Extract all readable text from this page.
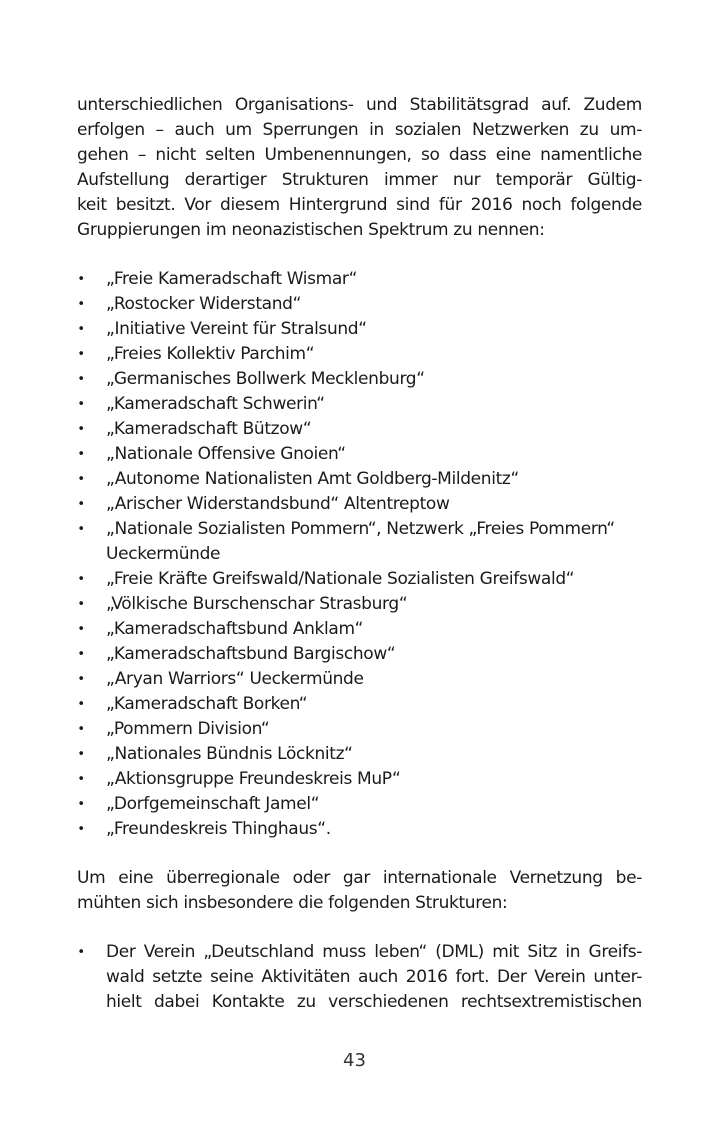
unterschiedlichen Organisations- und Stabilitätsgrad auf. Zudem
erfolgen – auch um Sperrungen in sozialen Netzwerken zu um-
gehen – nicht selten Umbenennungen, so dass eine namentliche
Aufstellung derartiger Strukturen immer nur temporär Gültig-
keit besitzt. Vor diesem Hintergrund sind für 2016 noch folgende
Gruppierungen im neonazistischen Spektrum zu nennen:

• „Freie Kameradschaft Wismar“
• „Rostocker Widerstand“
• „Initiative Vereint für Stralsund“
• „Freies Kollektiv Parchim“
• „Germanisches Bollwerk Mecklenburg“
• „Kameradschaft Schwerin“
• „Kameradschaft Bützow“
• „Nationale Offensive Gnoien“
• „Autonome Nationalisten Amt Goldberg-Mildenitz“
• „Arischer Widerstandsbund“ Altentreptow
• „Nationale Sozialisten Pommern“, Netzwerk „Freies Pommern“
Ueckermünde
• „Freie Kräfte Greifswald/Nationale Sozialisten Greifswald“
• „Völkische Burschenschar Strasburg“
• „Kameradschaftsbund Anklam“
• „Kameradschaftsbund Bargischow“
• „Aryan Warriors“ Ueckermünde
• „Kameradschaft Borken“
• „Pommern Division“
• „Nationales Bündnis Löcknitz“
• „Aktionsgruppe Freundeskreis MuP“
• „Dorfgemeinschaft Jamel“
• „Freundeskreis Thinghaus“.

Um eine überregionale oder gar internationale Vernetzung be-
mühten sich insbesondere die folgenden Strukturen:

• Der Verein „Deutschland muss leben“ (DML) mit Sitz in Greifs-
wald setzte seine Aktivitäten auch 2016 fort. Der Verein unter-
hielt dabei Kontakte zu verschiedenen rechtsextremistischen
43
